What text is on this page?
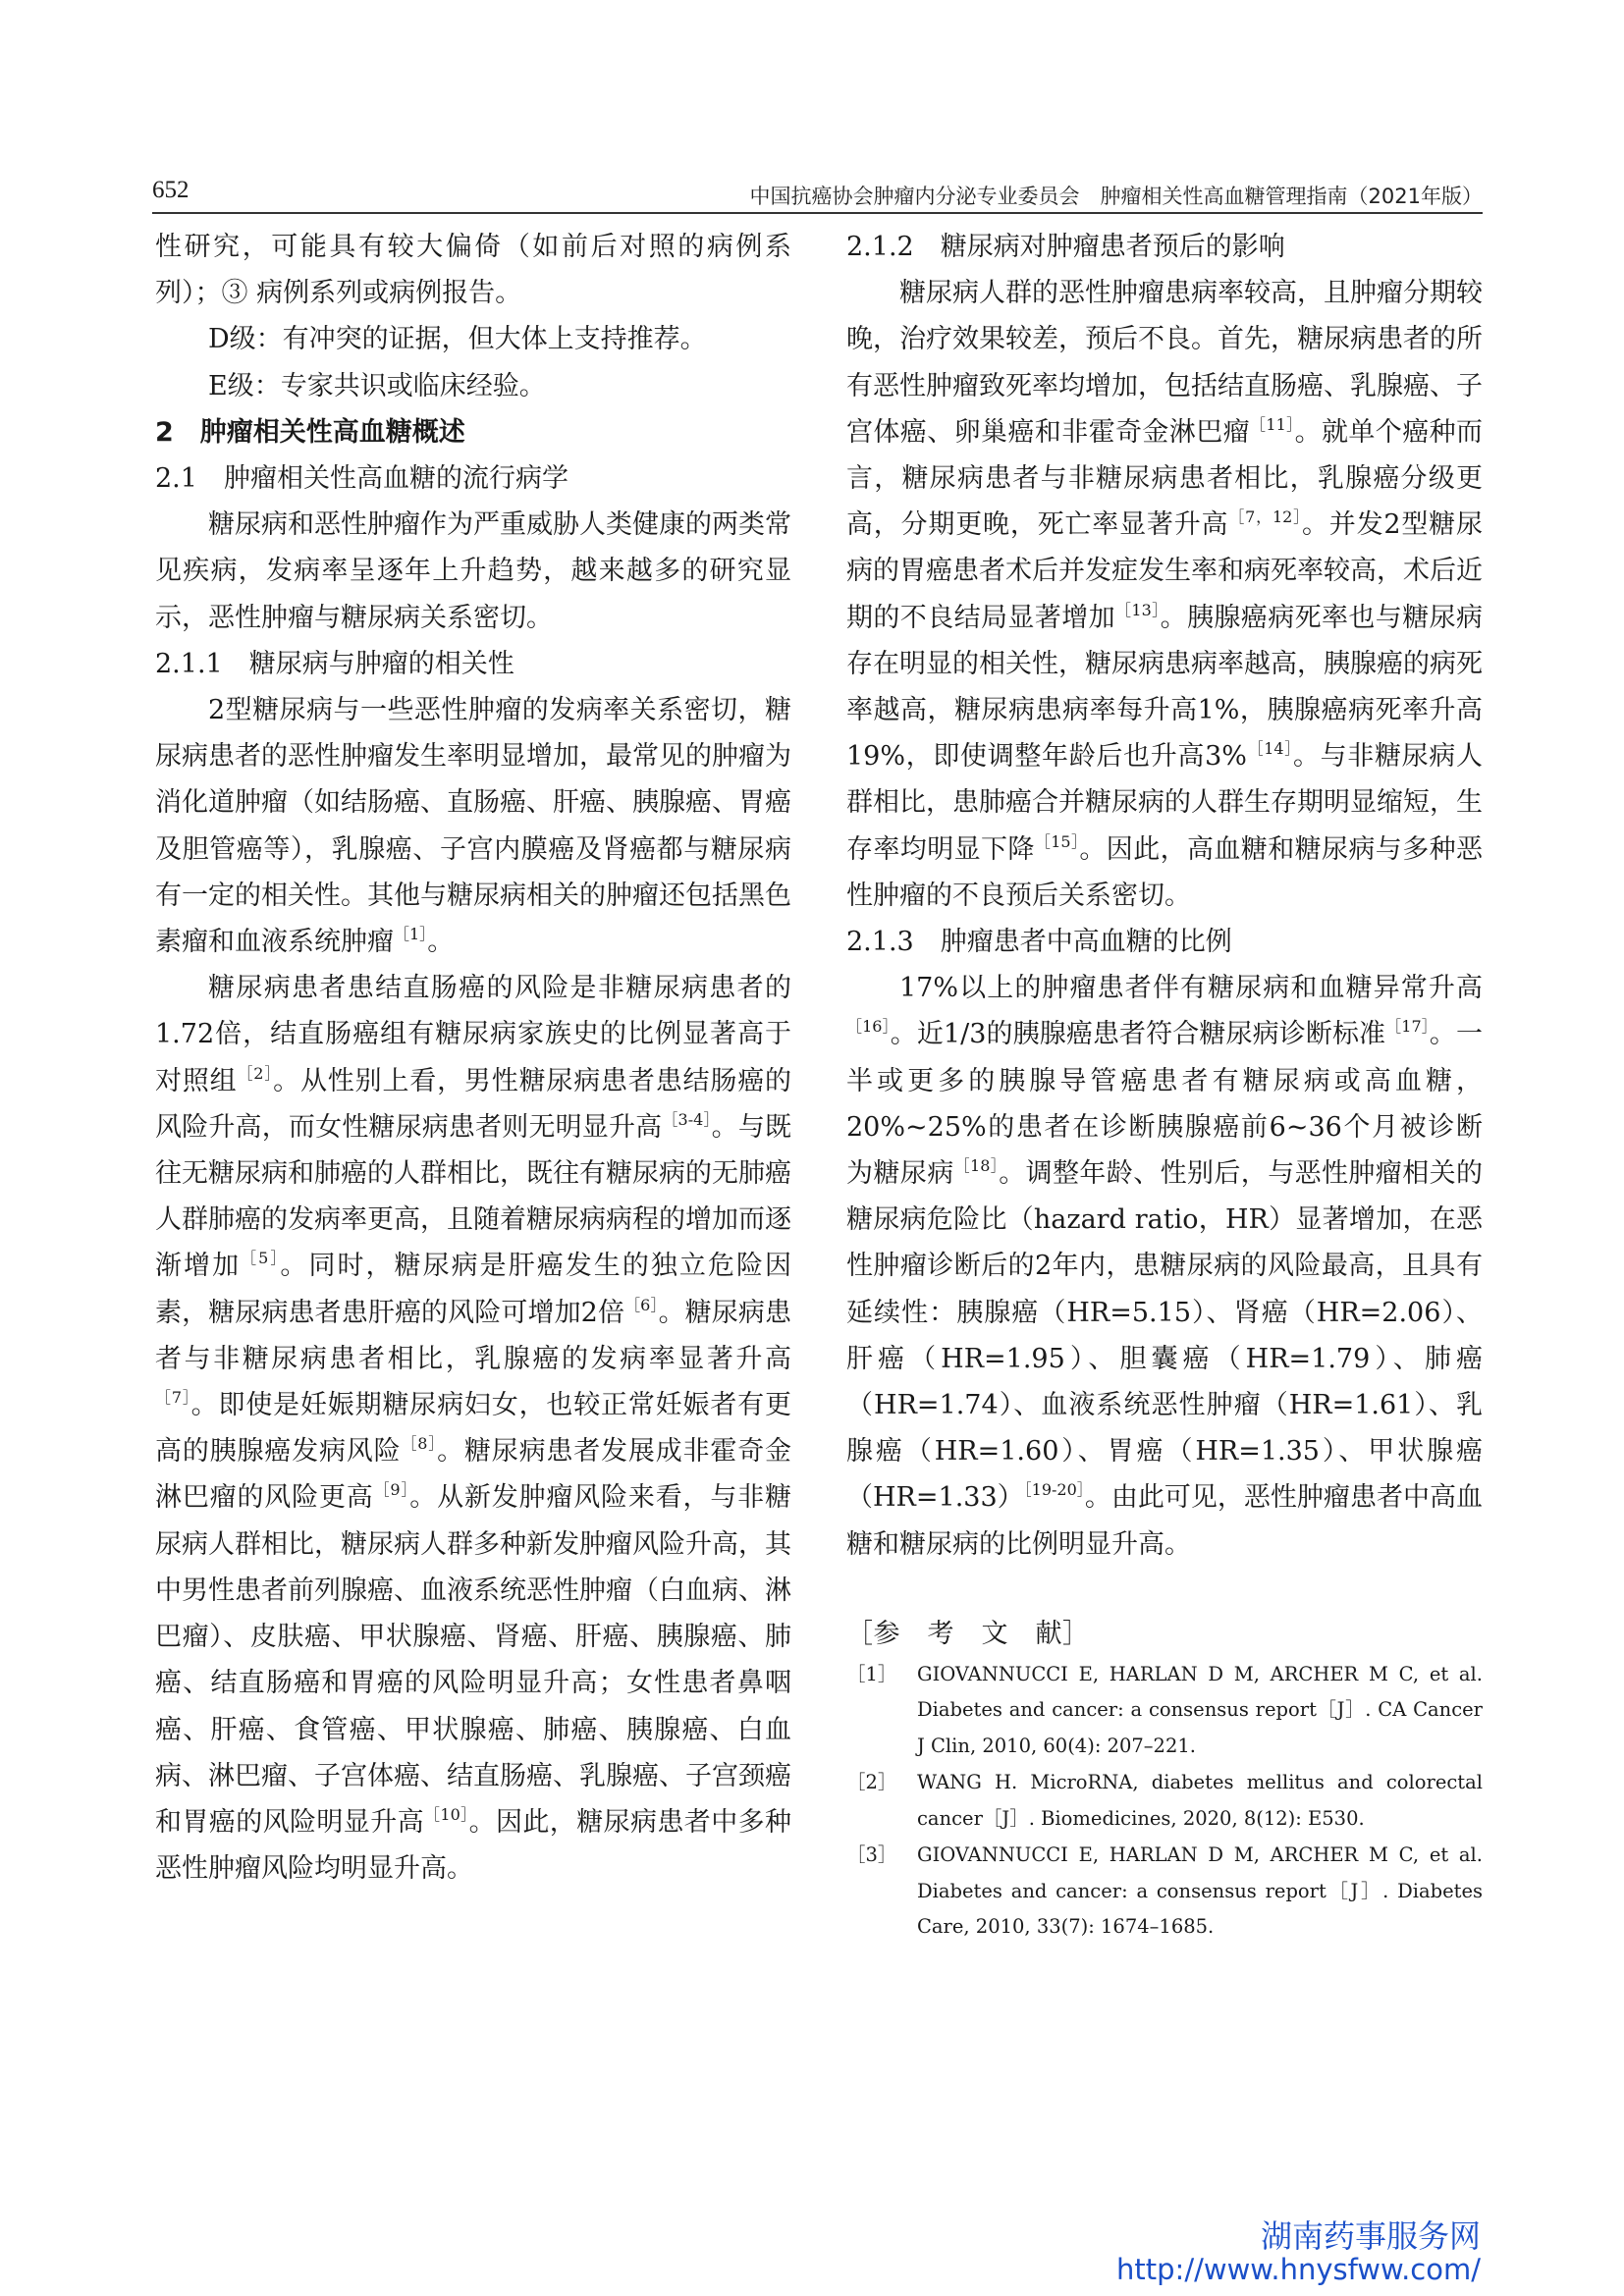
652	中国抗癌协会肿瘤内分泌专业委员会　肿瘤相关性高血糖管理指南（2021年版）

性研究，可能具有较大偏倚（如前后对照的病例系列）；③ 病例系列或病例报告。

D级：有冲突的证据，但大体上支持推荐。

E级：专家共识或临床经验。

2　肿瘤相关性高血糖概述

2.1　肿瘤相关性高血糖的流行病学

糖尿病和恶性肿瘤作为严重威胁人类健康的两类常见疾病，发病率呈逐年上升趋势，越来越多的研究显示，恶性肿瘤与糖尿病关系密切。

2.1.1　糖尿病与肿瘤的相关性

2型糖尿病与一些恶性肿瘤的发病率关系密切，糖尿病患者的恶性肿瘤发生率明显增加，最常见的肿瘤为消化道肿瘤（如结肠癌、直肠癌、肝癌、胰腺癌、胃癌及胆管癌等），乳腺癌、子宫内膜癌及肾癌都与糖尿病有一定的相关性。其他与糖尿病相关的肿瘤还包括黑色素瘤和血液系统肿瘤$^{[1]}$。

糖尿病患者患结直肠癌的风险是非糖尿病患者的1.72倍，结直肠癌组有糖尿病家族史的比例显著高于对照组$^{[2]}$。从性别上看，男性糖尿病患者患结肠癌的风险升高，而女性糖尿病患者则无明显升高$^{[3-4]}$。与既往无糖尿病和肺癌的人群相比，既往有糖尿病的无肺癌人群肺癌的发病率更高，且随着糖尿病病程的增加而逐渐增加$^{[5]}$。同时，糖尿病是肝癌发生的独立危险因素，糖尿病患者患肝癌的风险可增加2倍$^{[6]}$。糖尿病患者与非糖尿病患者相比，乳腺癌的发病率显著升高$^{[7]}$。即使是妊娠期糖尿病妇女，也较正常妊娠者有更高的胰腺癌发病风险$^{[8]}$。糖尿病患者发展成非霍奇金淋巴瘤的风险更高$^{[9]}$。从新发肿瘤风险来看，与非糖尿病人群相比，糖尿病人群多种新发肿瘤风险升高，其中男性患者前列腺癌、血液系统恶性肿瘤（白血病、淋巴瘤）、皮肤癌、甲状腺癌、肾癌、肝癌、胰腺癌、肺癌、结直肠癌和胃癌的风险明显升高；女性患者鼻咽癌、肝癌、食管癌、甲状腺癌、肺癌、胰腺癌、白血病、淋巴瘤、子宫体癌、结直肠癌、乳腺癌、子宫颈癌和胃癌的风险明显升高$^{[10]}$。因此，糖尿病患者中多种恶性肿瘤风险均明显升高。

2.1.2　糖尿病对肿瘤患者预后的影响

糖尿病人群的恶性肿瘤患病率较高，且肿瘤分期较晚，治疗效果较差，预后不良。首先，糖尿病患者的所有恶性肿瘤致死率均增加，包括结直肠癌、乳腺癌、子宫体癌、卵巢癌和非霍奇金淋巴瘤$^{[11]}$。就单个癌种而言，糖尿病患者与非糖尿病患者相比，乳腺癌分级更高，分期更晚，死亡率显著升高$^{[7,12]}$。并发2型糖尿病的胃癌患者术后并发症发生率和病死率较高，术后近期的不良结局显著增加$^{[13]}$。胰腺癌病死率也与糖尿病存在明显的相关性，糖尿病患病率越高，胰腺癌的病死率越高，糖尿病患病率每升高1%，胰腺癌病死率升高19%，即使调整年龄后也升高3%$^{[14]}$。与非糖尿病人群相比，患肺癌合并糖尿病的人群生存期明显缩短，生存率均明显下降$^{[15]}$。因此，高血糖和糖尿病与多种恶性肿瘤的不良预后关系密切。

2.1.3　肿瘤患者中高血糖的比例

17%以上的肿瘤患者伴有糖尿病和血糖异常升高$^{[16]}$。近1/3的胰腺癌患者符合糖尿病诊断标准$^{[17]}$。一半或更多的胰腺导管癌患者有糖尿病或高血糖，20%~25%的患者在诊断胰腺癌前6~36个月被诊断为糖尿病$^{[18]}$。调整年龄、性别后，与恶性肿瘤相关的糖尿病危险比（hazard ratio，HR）显著增加，在恶性肿瘤诊断后的2年内，患糖尿病的风险最高，且具有延续性：胰腺癌（HR=5.15）、肾癌（HR=2.06）、肝癌（HR=1.95）、胆囊癌（HR=1.79）、肺癌（HR=1.74）、血液系统恶性肿瘤（HR=1.61）、乳腺癌（HR=1.60）、胃癌（HR=1.35）、甲状腺癌（HR=1.33）$^{[19-20]}$。由此可见，恶性肿瘤患者中高血糖和糖尿病的比例明显升高。

［参　考　文　献］

［1］ GIOVANNUCCI E, HARLAN D M, ARCHER M C, et al. Diabetes and cancer: a consensus report［J］. CA Cancer J Clin, 2010, 60(4): 207–221.

［2］ WANG H. MicroRNA, diabetes mellitus and colorectal cancer［J］. Biomedicines, 2020, 8(12): E530.

［3］ GIOVANNUCCI E, HARLAN D M, ARCHER M C, et al. Diabetes and cancer: a consensus report［J］. Diabetes Care, 2010, 33(7): 1674–1685.

湖南药事服务网
http://www.hnysfww.com/
